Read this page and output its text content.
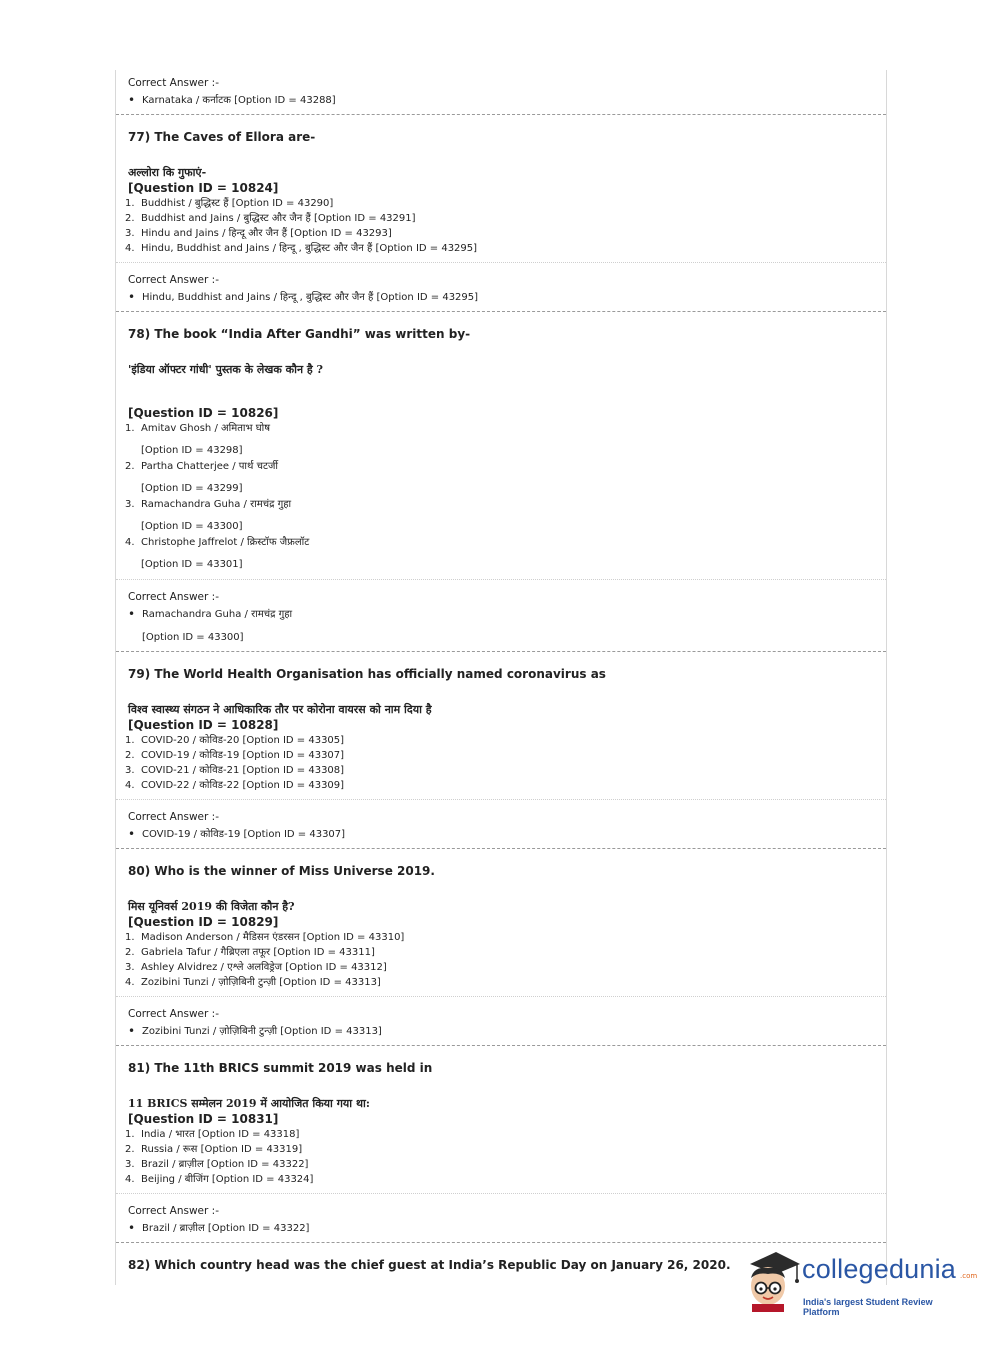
Correct Answer :-
• Karnataka / कर्नाटक [Option ID = 43288]
77) The Caves of Ellora are-
अल्लोरा कि गुफाएं-
[Question ID = 10824]
1. Buddhist / बुद्धिस्ट हैं [Option ID = 43290]
2. Buddhist and Jains / बुद्धिस्ट और जैन हैं [Option ID = 43291]
3. Hindu and Jains / हिन्दू और जैन हैं [Option ID = 43293]
4. Hindu, Buddhist and Jains / हिन्दू , बुद्धिस्ट और जैन हैं [Option ID = 43295]
Correct Answer :-
• Hindu, Buddhist and Jains / हिन्दू , बुद्धिस्ट और जैन हैं [Option ID = 43295]
78) The book “India After Gandhi” was written by-
'इंडिया ऑफ्टर गांधी' पुस्तक के लेखक कौन है ?
[Question ID = 10826]
1. Amitav Ghosh / अमिताभ घोष
[Option ID = 43298]
2. Partha Chatterjee / पार्थ चटर्जी
[Option ID = 43299]
3. Ramachandra Guha / रामचंद्र गुहा
[Option ID = 43300]
4. Christophe Jaffrelot / क्रिस्टॉफ जैफ्रलॉट
[Option ID = 43301]
Correct Answer :-
• Ramachandra Guha / रामचंद्र गुहा
[Option ID = 43300]
79) The World Health Organisation has officially named coronavirus as
विश्व स्वास्थ्य संगठन ने आधिकारिक तौर पर कोरोना वायरस को नाम दिया है
[Question ID = 10828]
1. COVID-20 / कोविड-20 [Option ID = 43305]
2. COVID-19 / कोविड-19 [Option ID = 43307]
3. COVID-21 / कोविड-21 [Option ID = 43308]
4. COVID-22 / कोविड-22 [Option ID = 43309]
Correct Answer :-
• COVID-19 / कोविड-19 [Option ID = 43307]
80) Who is the winner of Miss Universe 2019.
मिस यूनिवर्स 2019 की विजेता कौन है?
[Question ID = 10829]
1. Madison Anderson / मैडिसन एंडरसन [Option ID = 43310]
2. Gabriela Tafur / गैब्रिएला तफूर [Option ID = 43311]
3. Ashley Alvidrez / एश्ले अलविड्रेज [Option ID = 43312]
4. Zozibini Tunzi / ज़ोज़िबिनी टुन्ज़ी [Option ID = 43313]
Correct Answer :-
• Zozibini Tunzi / ज़ोज़िबिनी टुन्ज़ी [Option ID = 43313]
81) The 11th BRICS summit 2019 was held in
11 BRICS सम्मेलन 2019 में आयोजित किया गया था:
[Question ID = 10831]
1. India / भारत [Option ID = 43318]
2. Russia / रूस [Option ID = 43319]
3. Brazil / ब्राज़ील [Option ID = 43322]
4. Beijing / बीजिंग [Option ID = 43324]
Correct Answer :-
• Brazil / ब्राज़ील [Option ID = 43322]
82) Which country head was the chief guest at India’s Republic Day on January 26, 2020.	collegedunia .com
India's largest Student Review Platform
